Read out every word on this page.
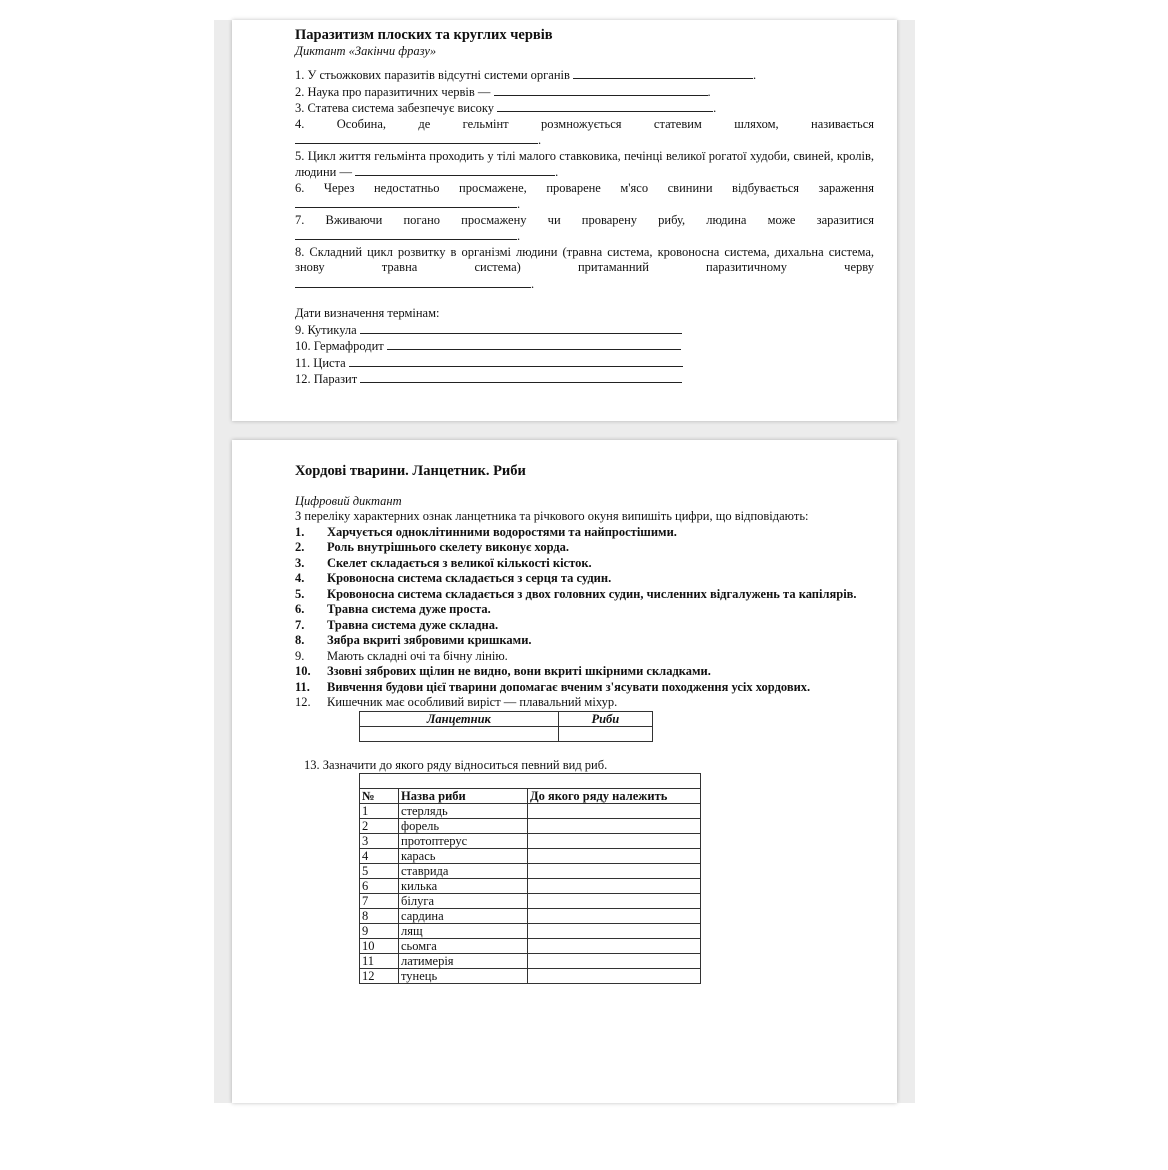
Паразитизм плоских та круглих червів
Диктант «Закінчи фразу»
1. У стьожкових паразитів відсутні системи органів	.
2. Наука про паразитичних червів —	.
3. Статева система забезпечує високу	.
4. Особина, де гельмінт розмножується статевим шляхом, називається
.
5. Цикл життя гельмінта проходить у тілі малого ставковика, печінці великої рогатої худоби, свиней, кролів, людини —	.
6. Через недостатньо просмажене, проварене м'ясо свинини відбувається зараження
.
7. Вживаючи погано просмажену чи проварену рибу, людина може заразитися
.
8. Складний цикл розвитку в організмі людини (травна система, кровоносна система, дихальна система, знову травна система) притаманний паразитичному черву
.
Дати визначення термінам:
9. Кутикула
10. Гермафродит
11. Циста
12. Паразит
Хордові тварини. Ланцетник. Риби
Цифровий диктант
З переліку характерних ознак ланцетника та річкового окуня випишіть цифри, що відповідають:
1.	Харчується одноклітинними водоростями та найпростішими.
2.	Роль внутрішнього скелету виконує хорда.
3.	Скелет складається з великої кількості кісток.
4.	Кровоносна система складається з серця та судин.
5.	Кровоносна система складається з двох головних судин, численних відгалужень та капілярів.
6.	Травна система дуже проста.
7.	Травна система дуже складна.
8.	Зябра вкриті зябровими кришками.
9.	Мають складні очі та бічну лінію.
10.	Ззовні зябрових щілин не видно, вони вкриті шкірними складками.
11.	Вивчення будови цієї тварини допомагає вченим з'ясувати походження усіх хордових.
12.	Кишечник має особливий виріст — плавальний міхур.
Ланцетник	Риби

13. Зазначити до якого ряду відноситься певний вид риб.

№	Назва риби	До якого ряду належить
1	стерлядь	
2	форель	
3	протоптерус	
4	карась	
5	ставрида	
6	килька	
7	білуга	
8	сардина	
9	лящ	
10	сьомга	
11	латимерія	
12	тунець	
